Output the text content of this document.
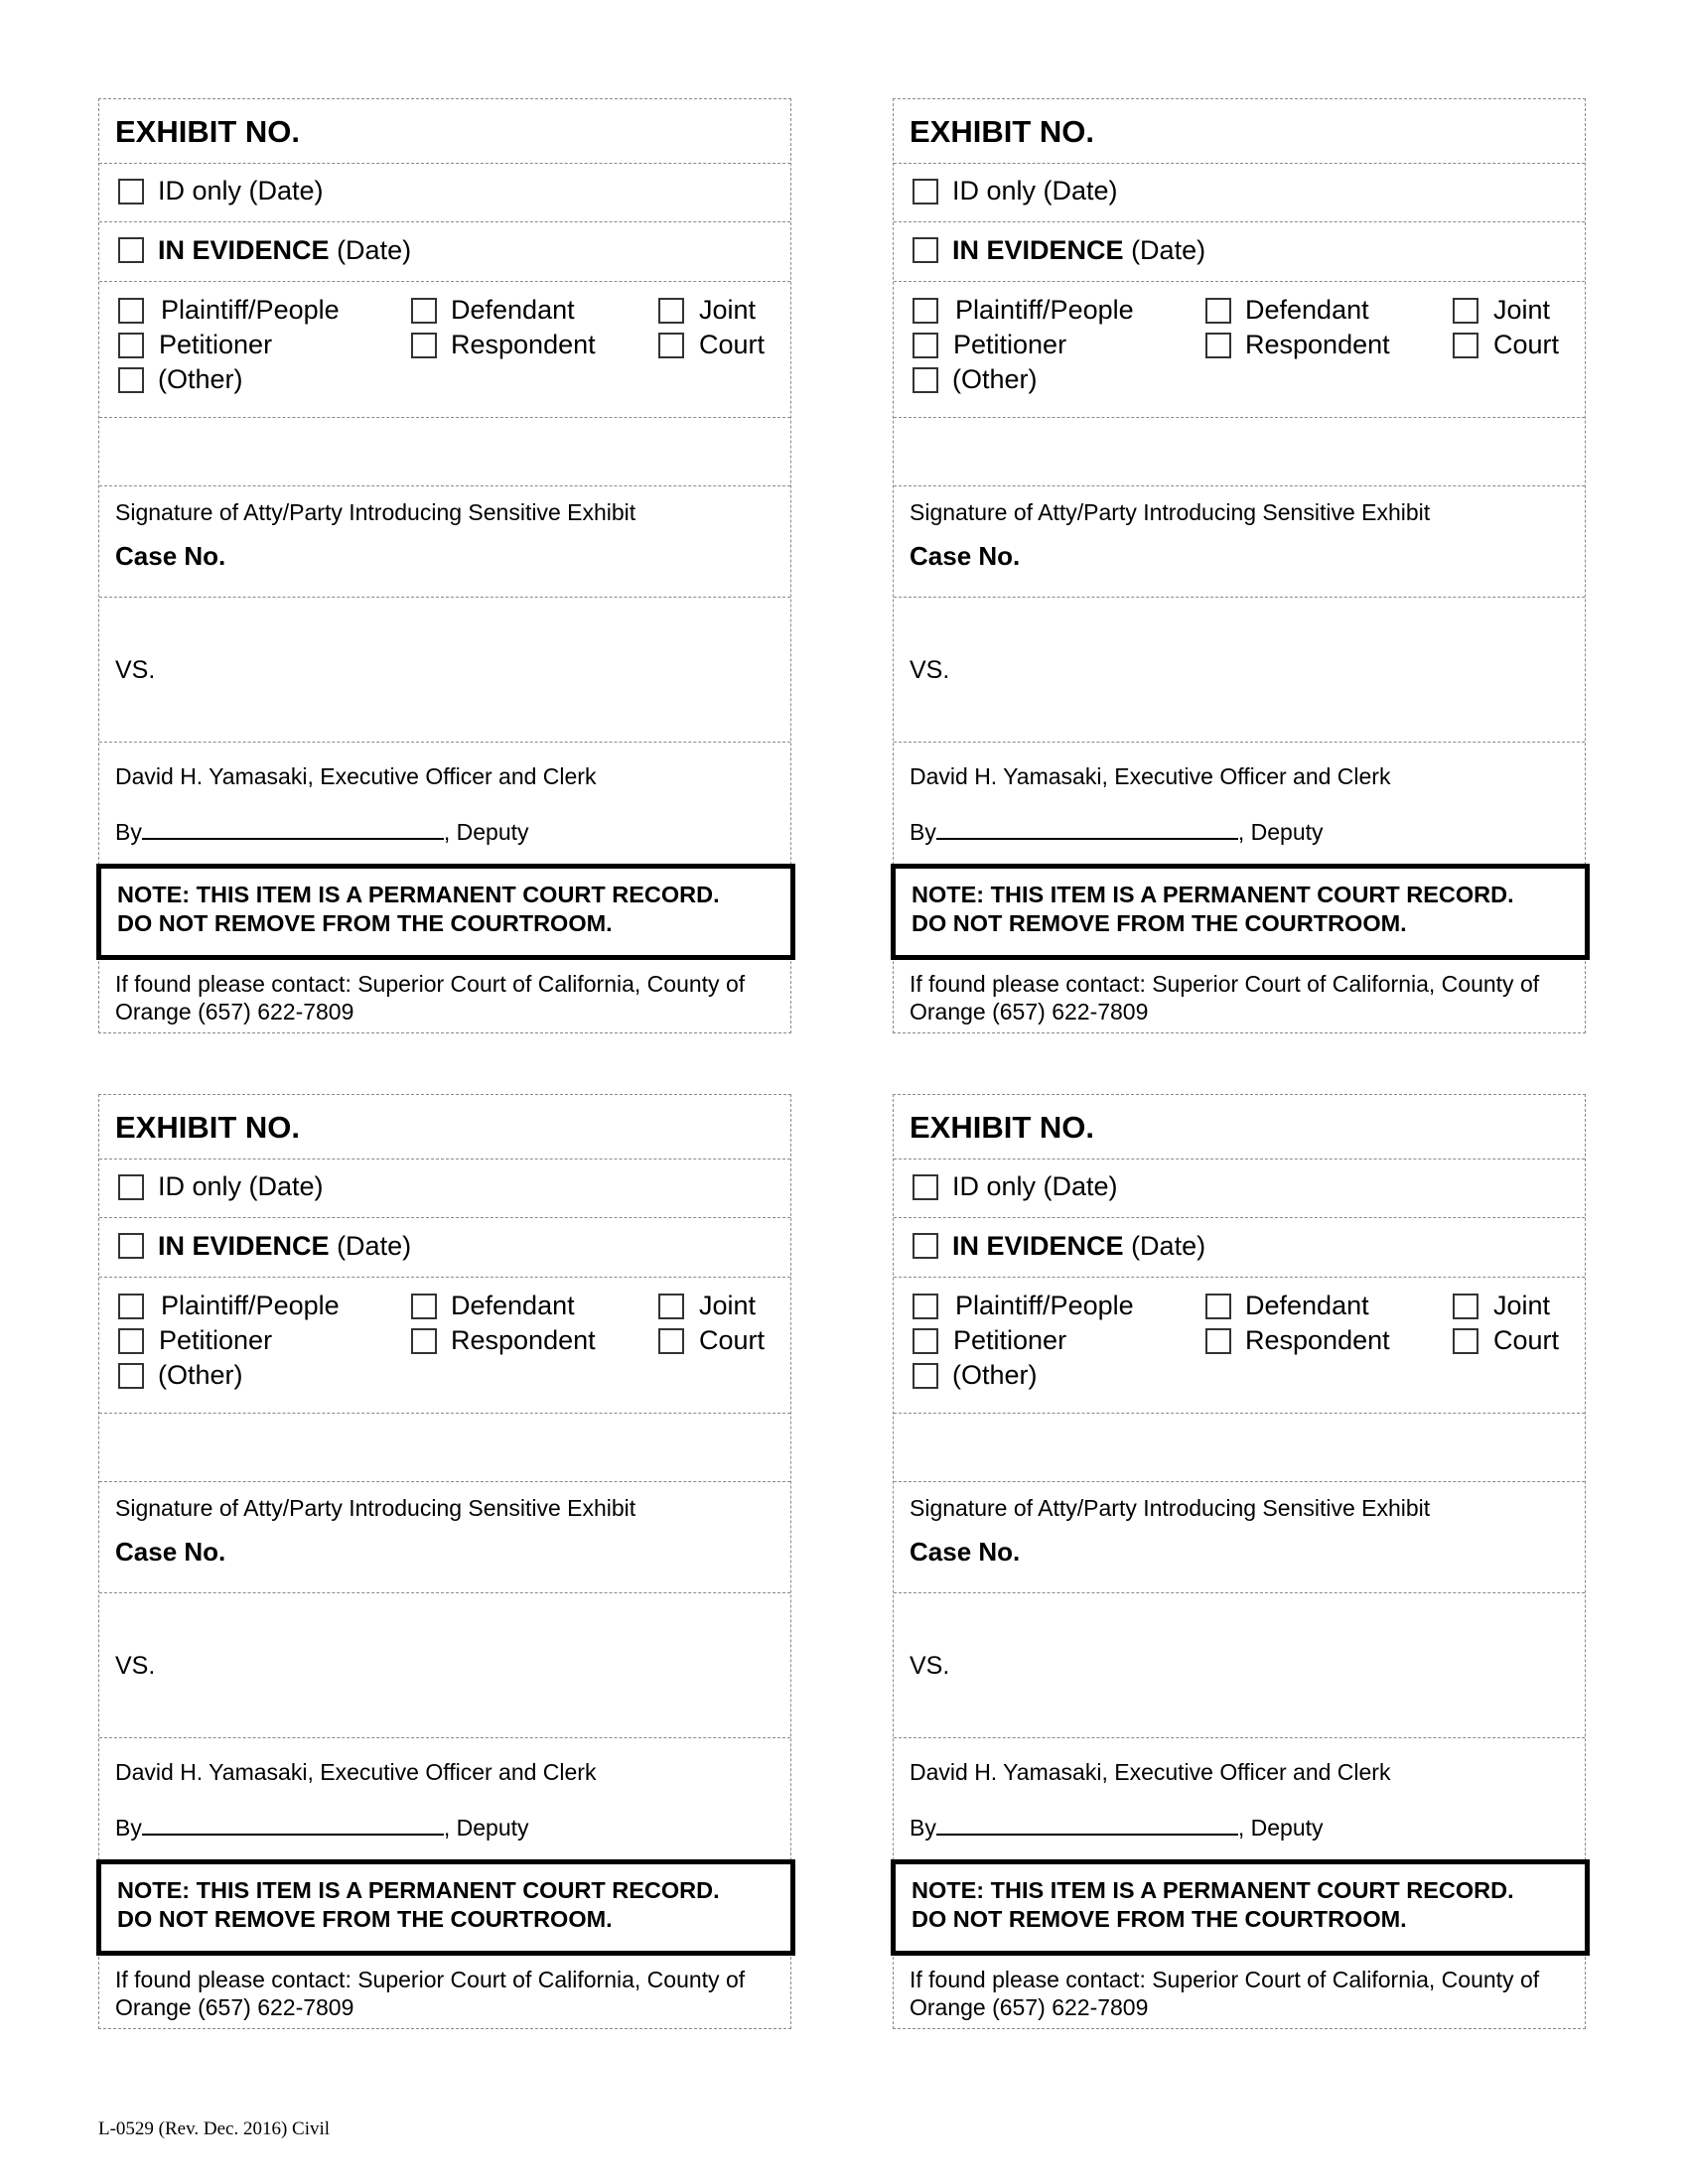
EXHIBIT NO.
ID only (Date)
IN EVIDENCE (Date)
Plaintiff/People
Petitioner
(Other)
Defendant
Respondent
Joint
Court
Signature of Atty/Party Introducing Sensitive Exhibit
Case No.
VS.
David H. Yamasaki, Executive Officer and Clerk
By	, Deputy
NOTE: THIS ITEM IS A PERMANENT COURT RECORD.
DO NOT REMOVE FROM THE COURTROOM.
If found please contact: Superior Court of California, County of Orange (657) 622-7809
EXHIBIT NO.
ID only (Date)
IN EVIDENCE (Date)
Plaintiff/People
Petitioner
(Other)
Defendant
Respondent
Joint
Court
Signature of Atty/Party Introducing Sensitive Exhibit
Case No.
VS.
David H. Yamasaki, Executive Officer and Clerk
By	, Deputy
NOTE: THIS ITEM IS A PERMANENT COURT RECORD.
DO NOT REMOVE FROM THE COURTROOM.
If found please contact: Superior Court of California, County of Orange (657) 622-7809
EXHIBIT NO.
ID only (Date)
IN EVIDENCE (Date)
Plaintiff/People
Petitioner
(Other)
Defendant
Respondent
Joint
Court
Signature of Atty/Party Introducing Sensitive Exhibit
Case No.
VS.
David H. Yamasaki, Executive Officer and Clerk
By	, Deputy
NOTE: THIS ITEM IS A PERMANENT COURT RECORD.
DO NOT REMOVE FROM THE COURTROOM.
If found please contact: Superior Court of California, County of Orange (657) 622-7809
EXHIBIT NO.
ID only (Date)
IN EVIDENCE (Date)
Plaintiff/People
Petitioner
(Other)
Defendant
Respondent
Joint
Court
Signature of Atty/Party Introducing Sensitive Exhibit
Case No.
VS.
David H. Yamasaki, Executive Officer and Clerk
By	, Deputy
NOTE: THIS ITEM IS A PERMANENT COURT RECORD.
DO NOT REMOVE FROM THE COURTROOM.
If found please contact: Superior Court of California, County of Orange (657) 622-7809
L-0529 (Rev. Dec. 2016) Civil
